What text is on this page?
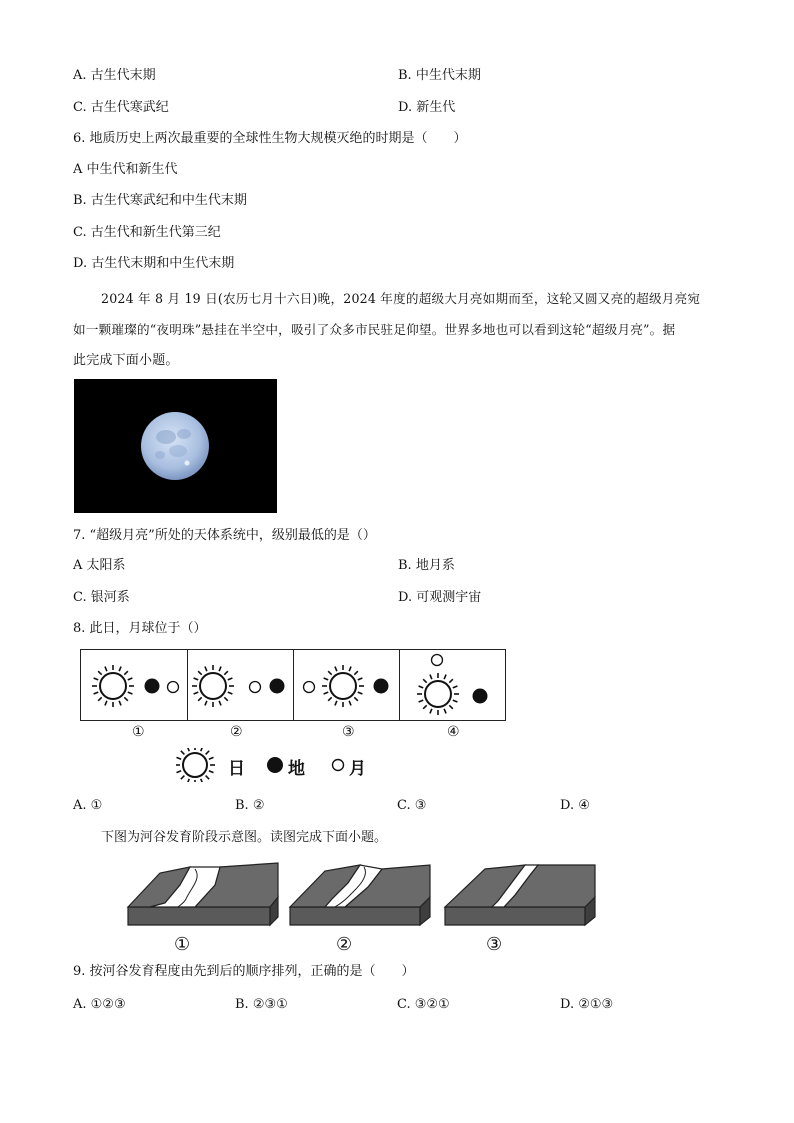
A. 古生代末期	B. 中生代末期
C. 古生代寒武纪	D. 新生代
6. 地质历史上两次最重要的全球性生物大规模灭绝的时期是（　　）
A 中生代和新生代
B. 古生代寒武纪和中生代末期
C. 古生代和新生代第三纪
D. 古生代末期和中生代末期
2024 年 8 月 19 日(农历七月十六日)晚，2024 年度的超级大月亮如期而至，这轮又圆又亮的超级月亮宛
如一颗璀璨的“夜明珠”悬挂在半空中，吸引了众多市民驻足仰望。世界多地也可以看到这轮“超级月亮”。据
此完成下面小题。
7. “超级月亮”所处的天体系统中，级别最低的是（）
A 太阳系	B. 地月系
C. 银河系	D. 可观测宇宙
8. 此日，月球位于（）
①	②	③	④
日	地	月
A. ①	B. ②	C. ③	D. ④
下图为河谷发育阶段示意图。读图完成下面小题。
①	②	③
9. 按河谷发育程度由先到后的顺序排列，正确的是（　　）
A. ①②③	B. ②③①	C. ③②①	D. ②①③
